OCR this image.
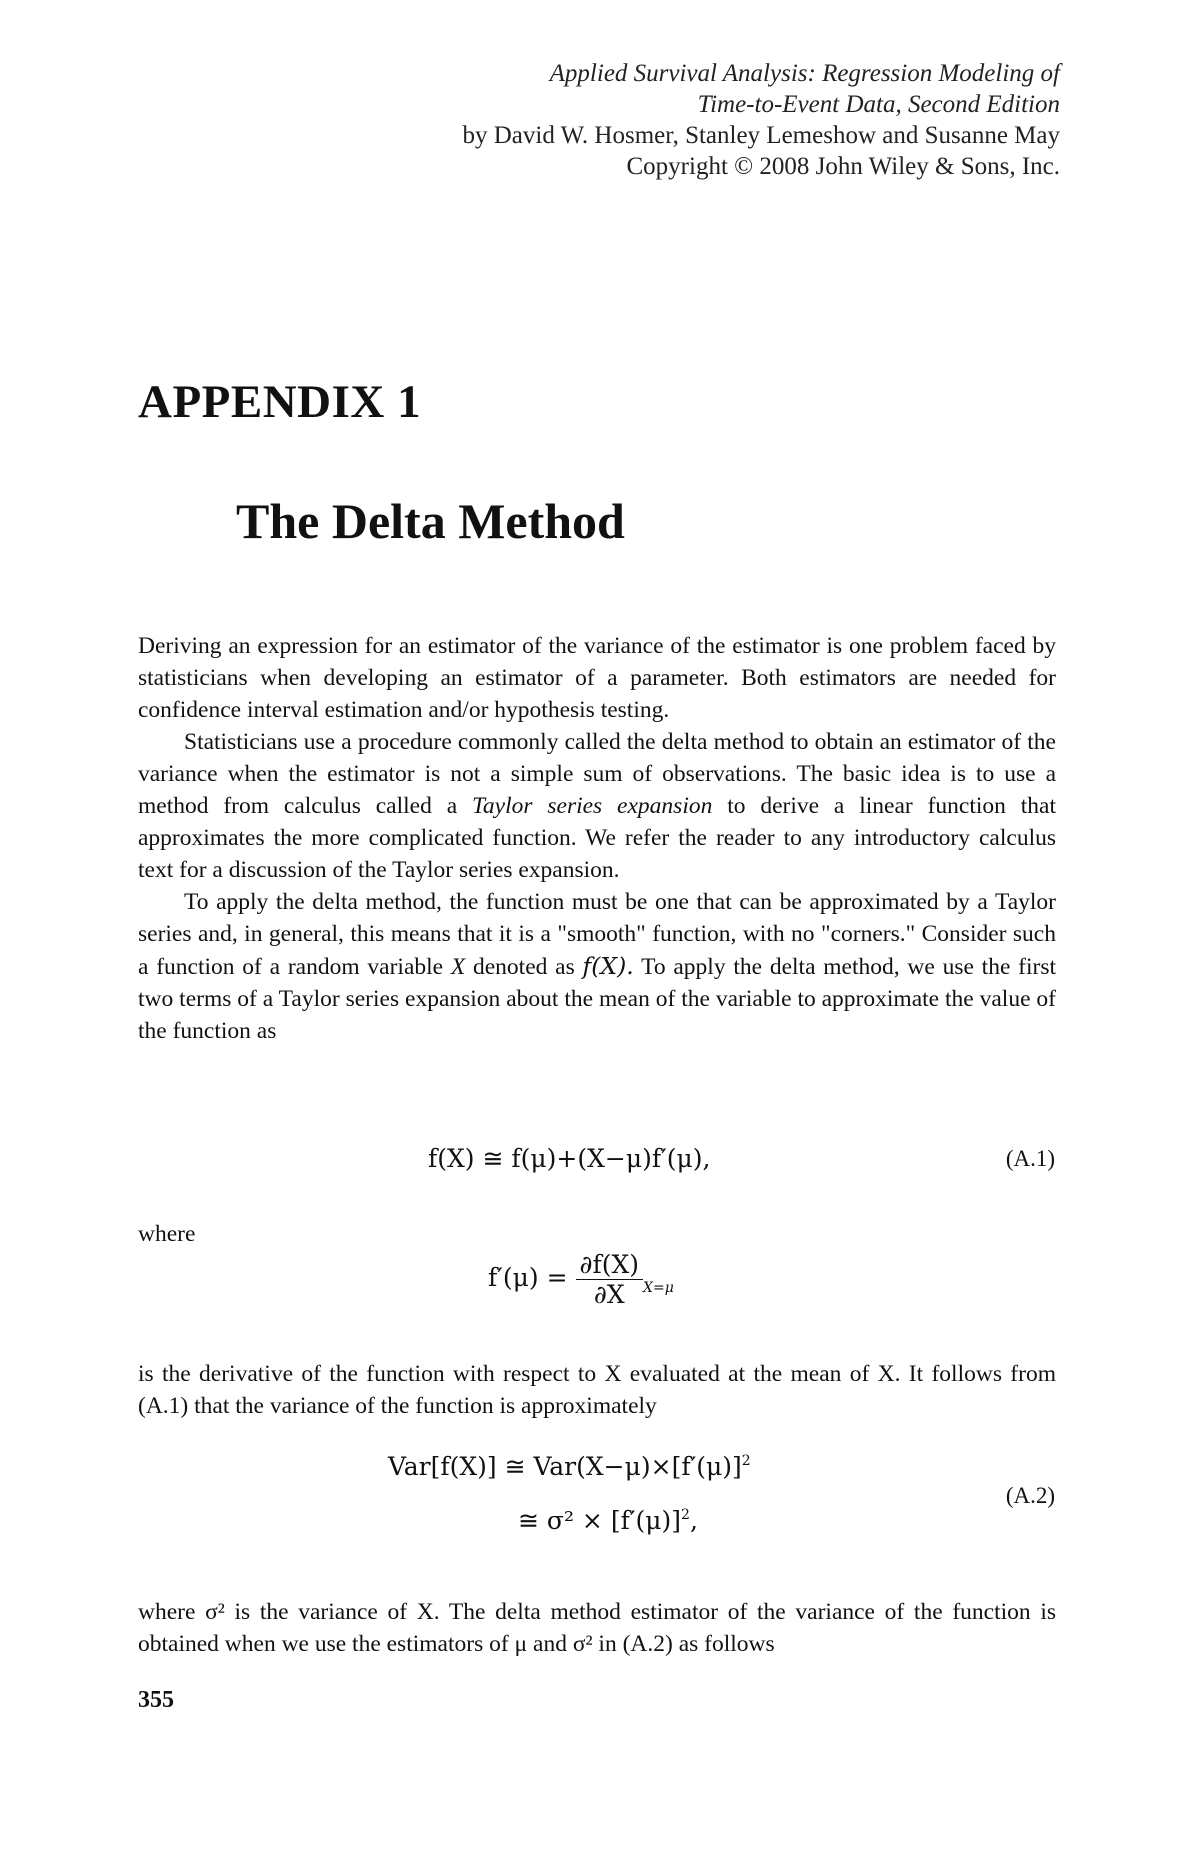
Applied Survival Analysis: Regression Modeling of
Time-to-Event Data, Second Edition
by David W. Hosmer, Stanley Lemeshow and Susanne May
Copyright © 2008 John Wiley & Sons, Inc.
APPENDIX 1
The Delta Method

Deriving an expression for an estimator of the variance of the estimator is one problem faced by statisticians when developing an estimator of a parameter. Both estimators are needed for confidence interval estimation and/or hypothesis testing.

Statisticians use a procedure commonly called the delta method to obtain an estimator of the variance when the estimator is not a simple sum of observations. The basic idea is to use a method from calculus called a Taylor series expansion to derive a linear function that approximates the more complicated function. We refer the reader to any introductory calculus text for a discussion of the Taylor series expansion.

To apply the delta method, the function must be one that can be approximated by a Taylor series and, in general, this means that it is a "smooth" function, with no "corners." Consider such a function of a random variable X denoted as f(X). To apply the delta method, we use the first two terms of a Taylor series expansion about the mean of the variable to approximate the value of the function as

f(X) ≅ f(μ)+(X−μ)f′(μ),	(A.1)
where
$f'(\mu) = \frac{\partial f(X)}{\partial X} _{X=\mu}$
is the derivative of the function with respect to X evaluated at the mean of X. It follows from (A.1) that the variance of the function is approximately
Var[f(X)] ≅ $Var(X-\mu)\times[f'(\mu)]^2$
≅ $\sigma^2 \times [f'(\mu)]^2$,
(A.2)
where σ² is the variance of X. The delta method estimator of the variance of the function is obtained when we use the estimators of μ and σ² in (A.2) as follows
355
